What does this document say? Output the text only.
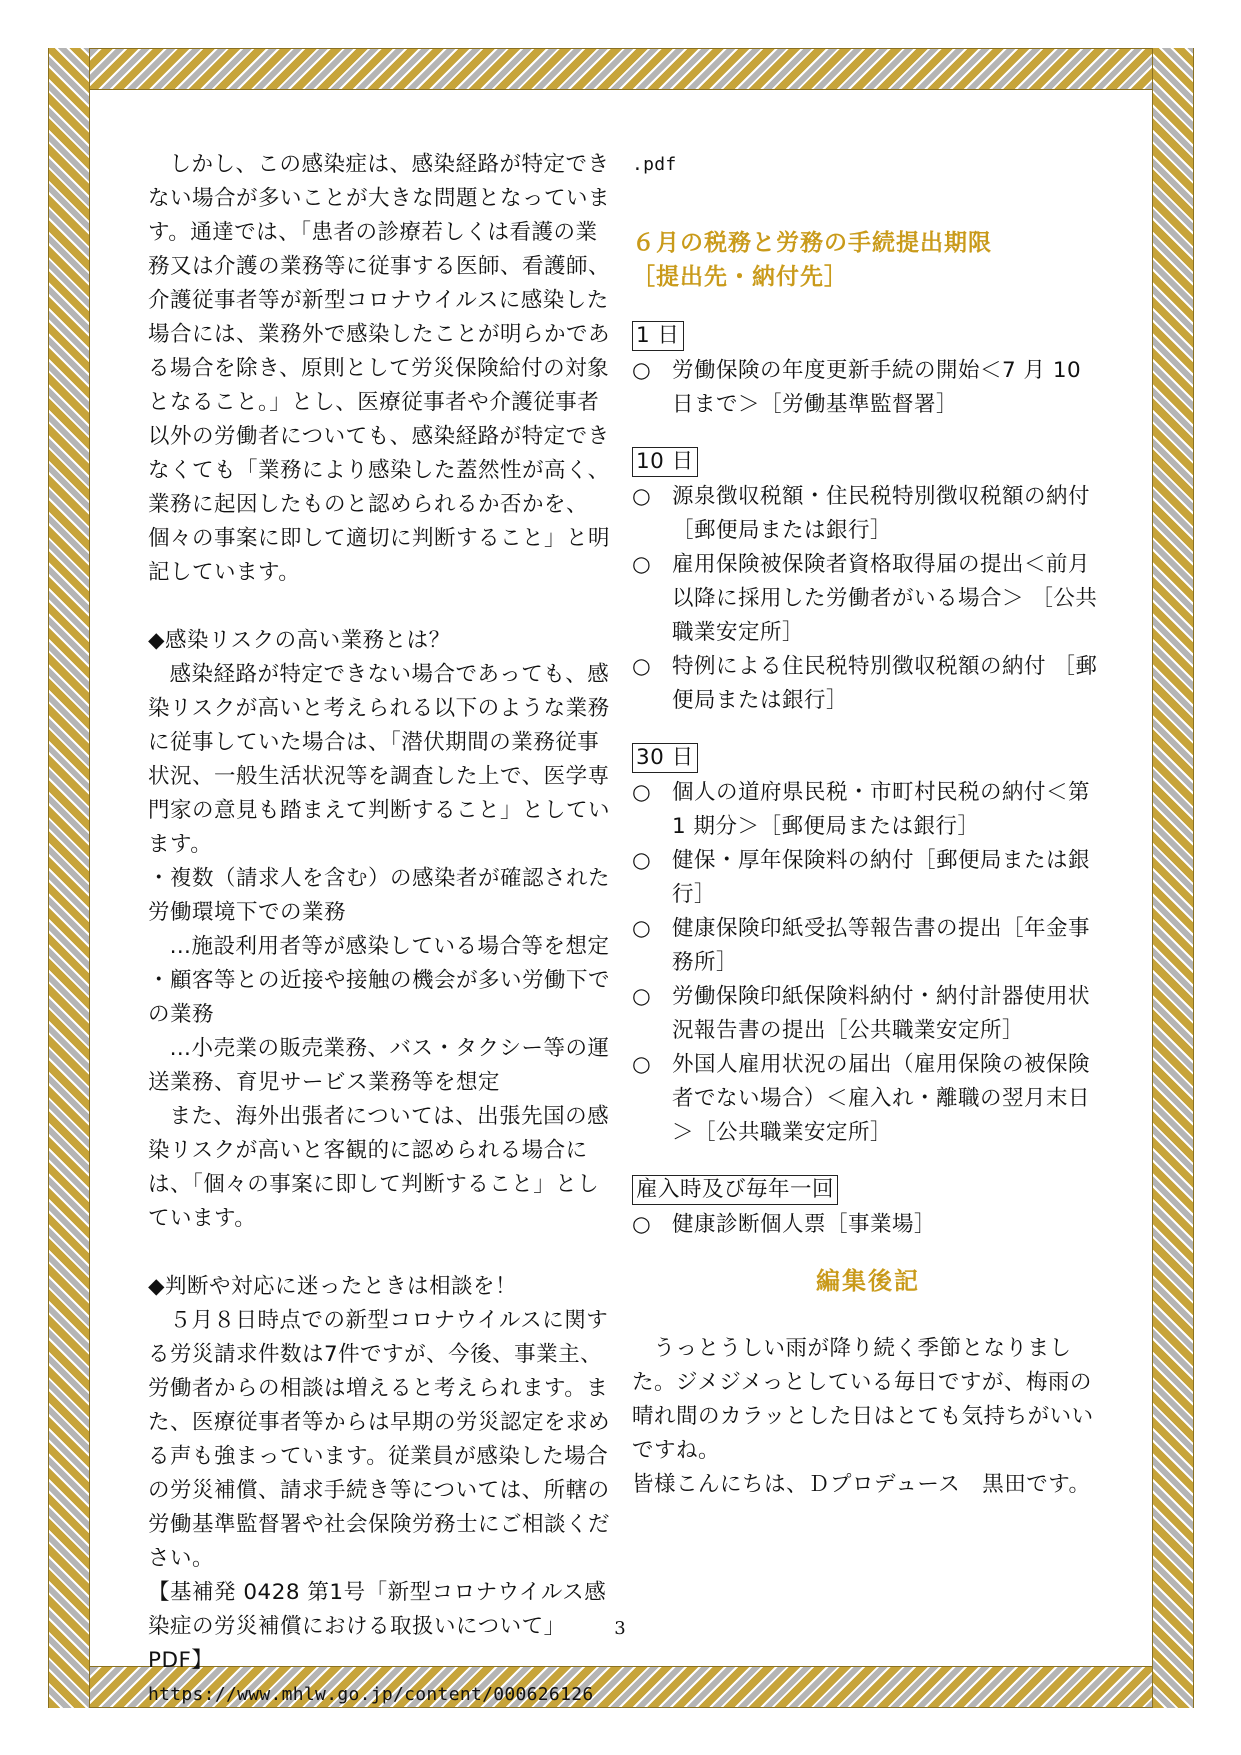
しかし、この感染症は、感染経路が特定できない場合が多いことが大きな問題となっています。通達では、「患者の診療若しくは看護の業務又は介護の業務等に従事する医師、看護師、介護従事者等が新型コロナウイルスに感染した場合には、業務外で感染したことが明らかである場合を除き、原則として労災保険給付の対象となること。」とし、医療従事者や介護従事者以外の労働者についても、感染経路が特定できなくても「業務により感染した蓋然性が高く、業務に起因したものと認められるか否かを、個々の事案に即して適切に判断すること」と明記しています。

◆感染リスクの高い業務とは？

感染経路が特定できない場合であっても、感染リスクが高いと考えられる以下のような業務に従事していた場合は、「潜伏期間の業務従事状況、一般生活状況等を調査した上で、医学専門家の意見も踏まえて判断すること」としています。

・複数（請求人を含む）の感染者が確認された労働環境下での業務

…施設利用者等が感染している場合等を想定

・顧客等との近接や接触の機会が多い労働下での業務

…小売業の販売業務、バス・タクシー等の運送業務、育児サービス業務等を想定

また、海外出張者については、出張先国の感染リスクが高いと客観的に認められる場合には、「個々の事案に即して判断すること」としています。

◆判断や対応に迷ったときは相談を！

５月８日時点での新型コロナウイルスに関する労災請求件数は7件ですが、今後、事業主、労働者からの相談は増えると考えられます。また、医療従事者等からは早期の労災認定を求める声も強まっています。従業員が感染した場合の労災補償、請求手続き等については、所轄の労働基準監督署や社会保険労務士にご相談ください。

【基補発 0428 第1号「新型コロナウイルス感染症の労災補償における取扱いについて」PDF】

https://www.mhlw.go.jp/content/000626126

.pdf

６月の税務と労務の手続提出期限

［提出先・納付先］

1 日

○ 労働保険の年度更新手続の開始＜7 月 10 日まで＞［労働基準監督署］

10 日

○ 源泉徴収税額・住民税特別徴収税額の納付［郵便局または銀行］

○ 雇用保険被保険者資格取得届の提出＜前月以降に採用した労働者がいる場合＞ ［公共職業安定所］

○ 特例による住民税特別徴収税額の納付 ［郵便局または銀行］

30 日

○ 個人の道府県民税・市町村民税の納付＜第 1 期分＞［郵便局または銀行］

○ 健保・厚年保険料の納付［郵便局または銀行］

○ 健康保険印紙受払等報告書の提出［年金事務所］

○ 労働保険印紙保険料納付・納付計器使用状況報告書の提出［公共職業安定所］

○ 外国人雇用状況の届出（雇用保険の被保険者でない場合）＜雇入れ・離職の翌月末日＞［公共職業安定所］

雇入時及び毎年一回

○ 健康診断個人票［事業場］

編集後記

うっとうしい雨が降り続く季節となりました。ジメジメっとしている毎日ですが、梅雨の晴れ間のカラッとした日はとても気持ちがいいですね。

皆様こんにちは、Ｄプロデュース　黒田です。

3
